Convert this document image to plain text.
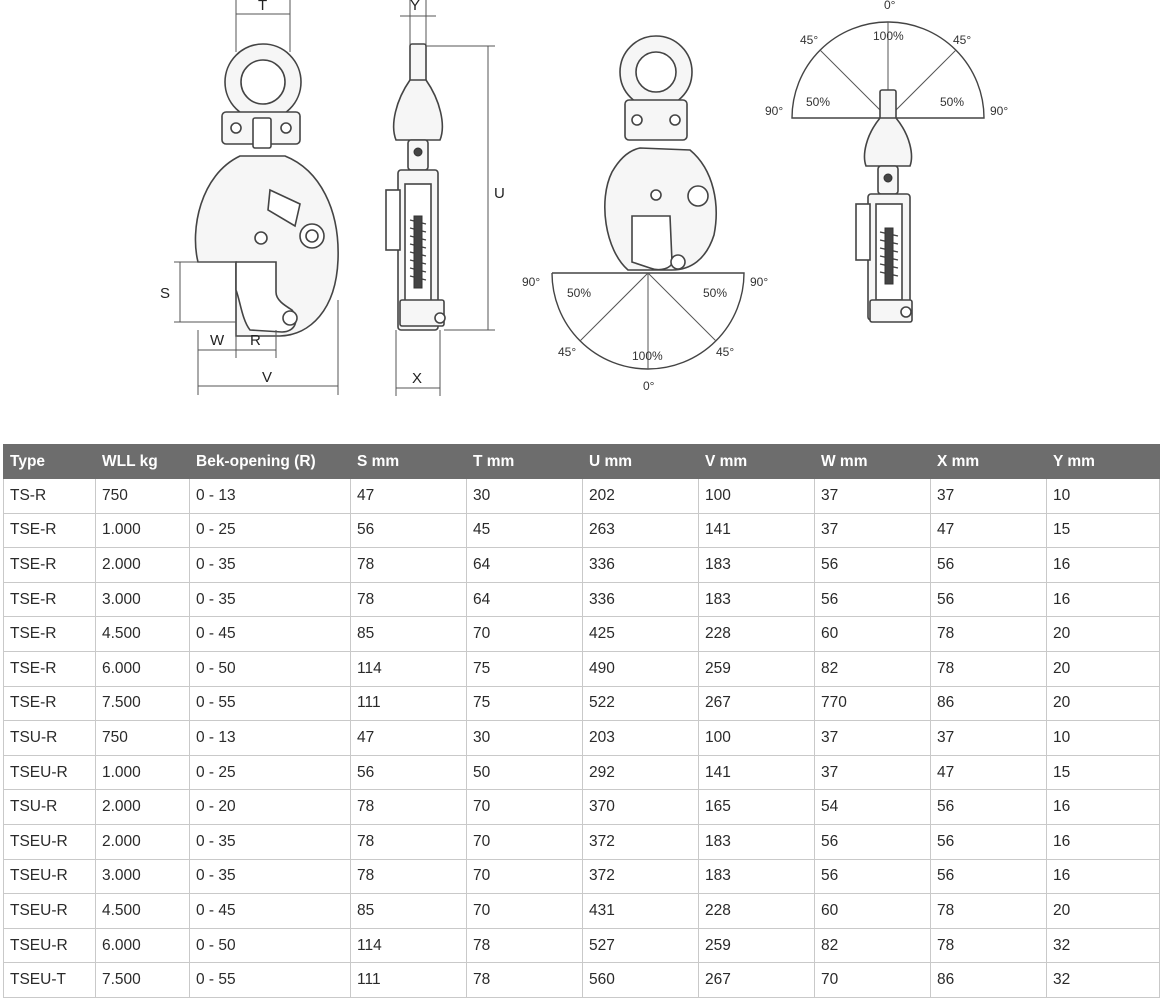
T
S
W R
V
Y
U
X
90°	90°
50%	50%
45°	45°
100%
0°
0°
100%
45°	45°
50%	50%
90°	90°
Type	WLL kg	Bek-opening (R)	S mm	T mm	U mm	V mm	W mm	X mm	Y mm
TS-R	750	0 - 13	47	30	202	100	37	37	10
TSE-R	1.000	0 - 25	56	45	263	141	37	47	15
TSE-R	2.000	0 - 35	78	64	336	183	56	56	16
TSE-R	3.000	0 - 35	78	64	336	183	56	56	16
TSE-R	4.500	0 - 45	85	70	425	228	60	78	20
TSE-R	6.000	0 - 50	114	75	490	259	82	78	20
TSE-R	7.500	0 - 55	111	75	522	267	770	86	20
TSU-R	750	0 - 13	47	30	203	100	37	37	10
TSEU-R	1.000	0 - 25	56	50	292	141	37	47	15
TSU-R	2.000	0 - 20	78	70	370	165	54	56	16
TSEU-R	2.000	0 - 35	78	70	372	183	56	56	16
TSEU-R	3.000	0 - 35	78	70	372	183	56	56	16
TSEU-R	4.500	0 - 45	85	70	431	228	60	78	20
TSEU-R	6.000	0 - 50	114	78	527	259	82	78	32
TSEU-T	7.500	0 - 55	111	78	560	267	70	86	32
